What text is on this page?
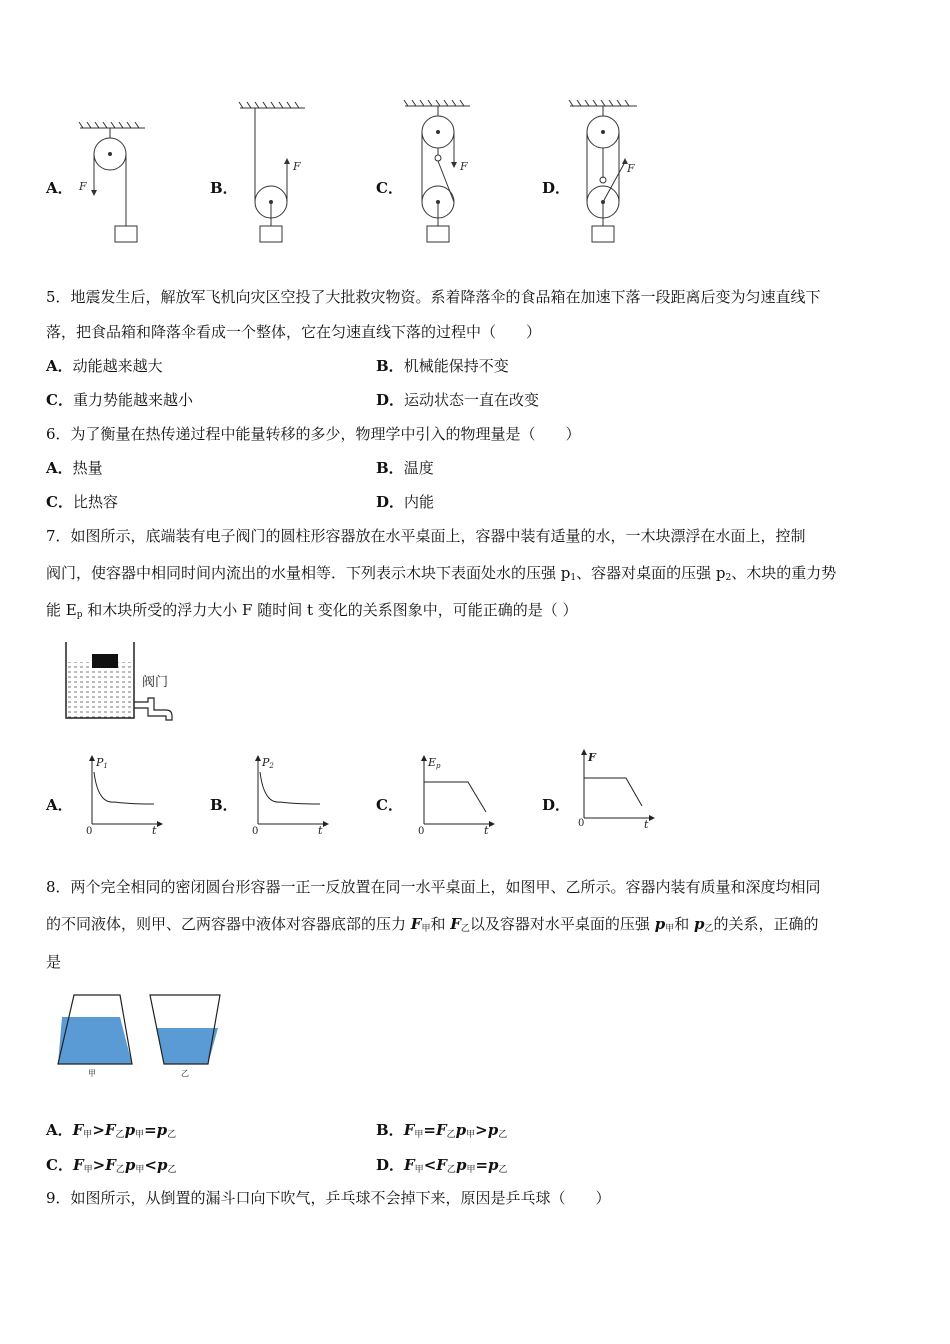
A． F	B．
F
C．
F
D．
F
5．地震发生后，解放军飞机向灾区空投了大批救灾物资。系着降落伞的食品箱在加速下落一段距离后变为匀速直线下
落，把食品箱和降落伞看成一个整体，它在匀速直线下落的过程中（　　）
A．动能越来越大	B．机械能保持不变
C．重力势能越来越小	D．运动状态一直在改变
6．为了衡量在热传递过程中能量转移的多少，物理学中引入的物理量是（　　）
A．热量	B．温度
C．比热容	D．内能
7．如图所示，底端装有电子阀门的圆柱形容器放在水平桌面上，容器中装有适量的水，一木块漂浮在水面上，控制
阀门，使容器中相同时间内流出的水量相等．下列表示木块下表面处水的压强 $p_1$、容器对桌面的压强 $p_2$、木块的重力势
能 $E_p$ 和木块所受的浮力大小 F 随时间 t 变化的关系图象中，可能正确的是（ ）
阀门
A．
P1
0	t
B．
P2
0	t
C．
Ep
0	t
D．
F
0	t
8．两个完全相同的密闭圆台形容器一正一反放置在同一水平桌面上，如图甲、乙所示。容器内装有质量和深度均相同
的不同液体，则甲、乙两容器中液体对容器底部的压力 $F_甲$和 $F_乙$以及容器对水平桌面的压强 $p_甲$和 $p_乙$的关系，正确的
是
甲	乙
A．$F_甲>F_乙p_甲=p_乙$	B．$F_甲=F_乙p_甲>p_乙$
C．$F_甲>F_乙p_甲<p_乙$	D．$F_甲<F_乙p_甲=p_乙$
9．如图所示，从倒置的漏斗口向下吹气，乒乓球不会掉下来，原因是乒乓球（　　）
